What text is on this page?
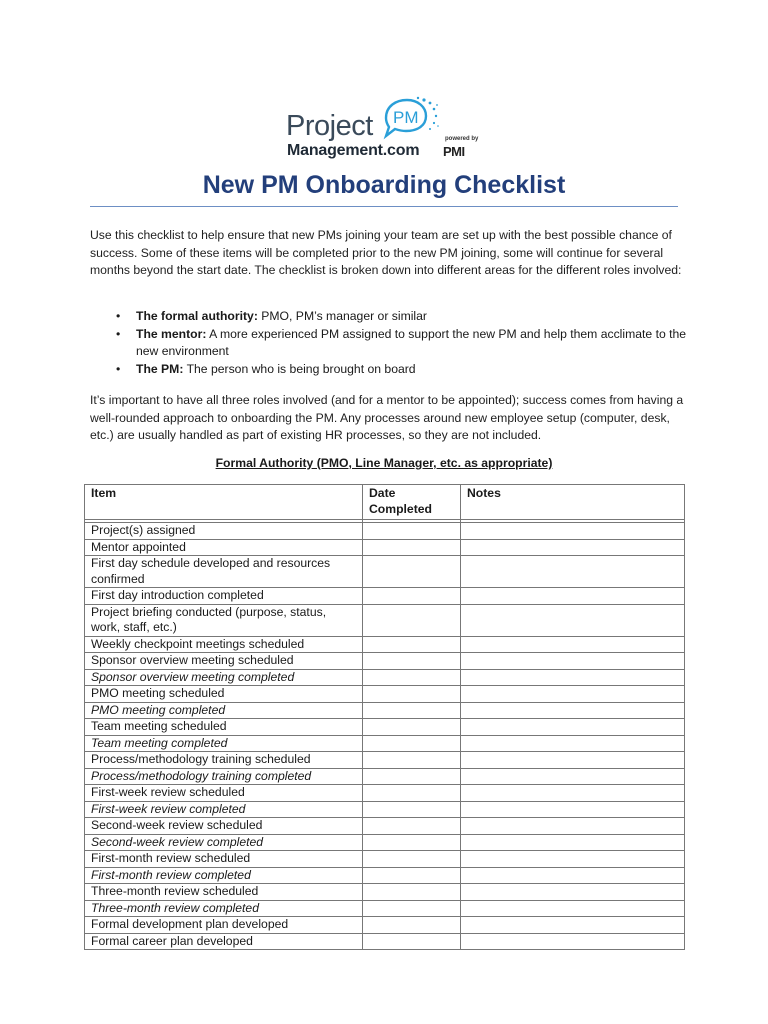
Project PM
Management.com
powered by
PMI
New PM Onboarding Checklist

Use this checklist to help ensure that new PMs joining your team are set up with the best possible chance of success. Some of these items will be completed prior to the new PM joining, some will continue for several months beyond the start date. The checklist is broken down into different areas for the different roles involved:

• The formal authority: PMO, PM’s manager or similar
• The mentor: A more experienced PM assigned to support the new PM and help them acclimate to the new environment
• The PM: The person who is being brought on board

It’s important to have all three roles involved (and for a mentor to be appointed); success comes from having a well-rounded approach to onboarding the PM. Any processes around new employee setup (computer, desk, etc.) are usually handled as part of existing HR processes, so they are not included.

Formal Authority (PMO, Line Manager, etc. as appropriate)

Item	Date Completed	Notes

Project(s) assigned		
Mentor appointed		
First day schedule developed and resources confirmed		
First day introduction completed		
Project briefing conducted (purpose, status, work, staff, etc.)		
Weekly checkpoint meetings scheduled		
Sponsor overview meeting scheduled		
Sponsor overview meeting completed		
PMO meeting scheduled		
PMO meeting completed		
Team meeting scheduled		
Team meeting completed		
Process/methodology training scheduled		
Process/methodology training completed		
First-week review scheduled		
First-week review completed		
Second-week review scheduled		
Second-week review completed		
First-month review scheduled		
First-month review completed		
Three-month review scheduled		
Three-month review completed		
Formal development plan developed		
Formal career plan developed		
